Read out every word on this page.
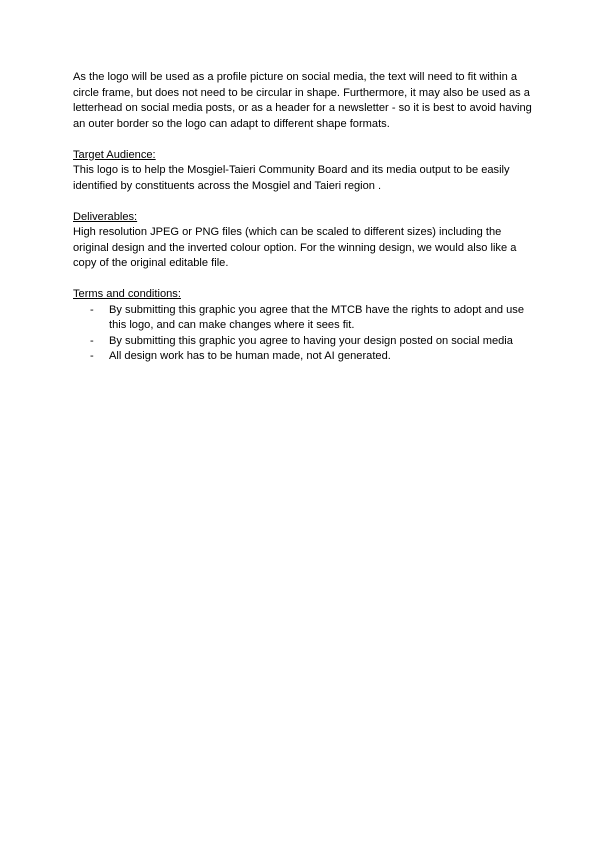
As the logo will be used as a profile picture on social media, the text will need to fit within a circle frame, but does not need to be circular in shape. Furthermore, it may also be used as a letterhead on social media posts, or as a header for a newsletter - so it is best to avoid having an outer border so the logo can adapt to different shape formats.

Target Audience:

This logo is to help the Mosgiel-Taieri Community Board and its media output to be easily identified by constituents across the Mosgiel and Taieri region .

Deliverables:

High resolution JPEG or PNG files (which can be scaled to different sizes) including the original design and the inverted colour option. For the winning design, we would also like a copy of the original editable file.

Terms and conditions:

- By submitting this graphic you agree that the MTCB have the rights to adopt and use this logo, and can make changes where it sees fit.
- By submitting this graphic you agree to having your design posted on social media
- All design work has to be human made, not AI generated.
